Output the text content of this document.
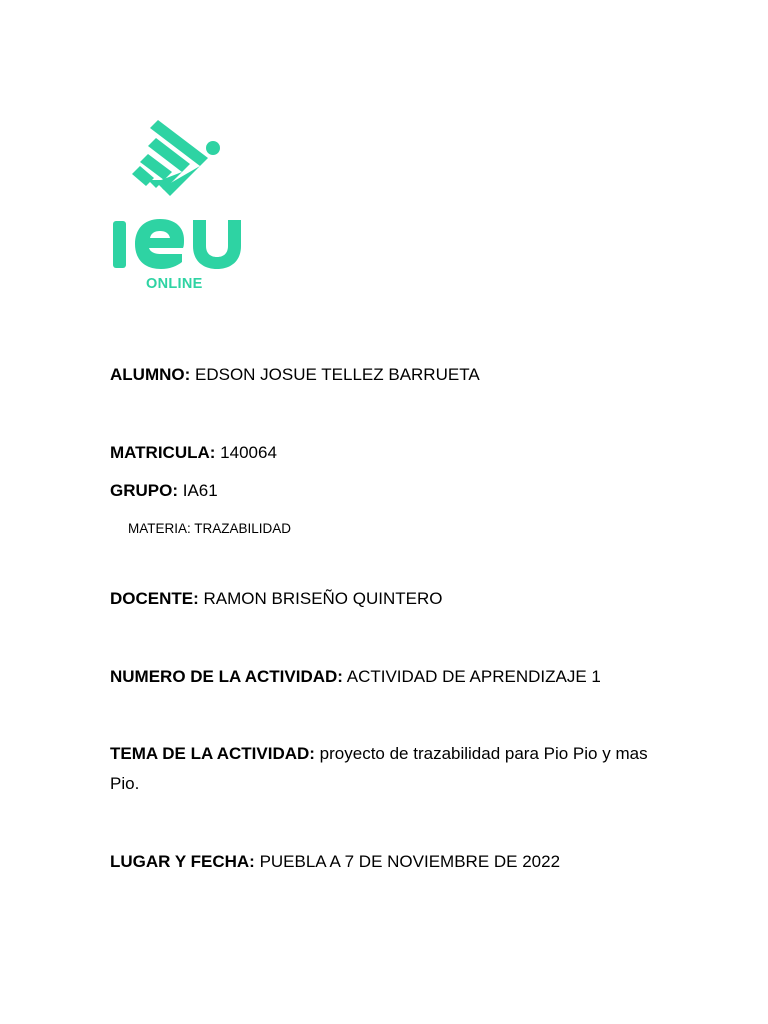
ONLINE
ALUMNO: EDSON JOSUE TELLEZ BARRUETA
MATRICULA: 140064
GRUPO: IA61
MATERIA: TRAZABILIDAD
DOCENTE: RAMON BRISEÑO QUINTERO
NUMERO DE LA ACTIVIDAD: ACTIVIDAD DE APRENDIZAJE 1
TEMA DE LA ACTIVIDAD: proyecto de trazabilidad para Pio Pio y mas Pio.
LUGAR Y FECHA: PUEBLA A 7 DE NOVIEMBRE DE 2022
